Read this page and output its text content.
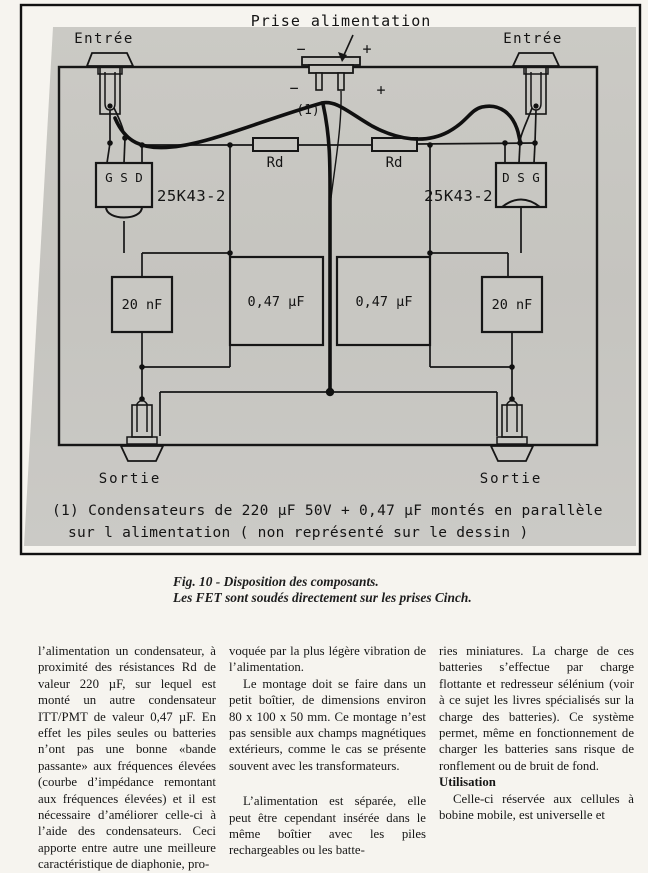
Prise alimentation
Entrée	Entrée
−	+
−	+
(1)
Rd	Rd
G S D	D S G
25K43-2	25K43-2
20 nF	0,47 µF	0,47 µF	20 nF
Sortie	Sortie
(1) Condensateurs de 220 µF 50V + 0,47 µF montés en parallèle
sur l alimentation ( non représenté sur le dessin )
Fig. 10 - Disposition des composants.
Les FET sont soudés directement sur les prises Cinch.

l’alimentation un condensateur, à proximité des résistances Rd de valeur 220 µF, sur lequel est monté un autre condensateur ITT/PMT de valeur 0,47 µF. En effet les piles seules ou batteries n’ont pas une bonne «bande passante» aux fréquences élevées (courbe d’impédance remontant aux fréquences élevées) et il est nécessaire d’améliorer celle-ci à l’aide des condensateurs. Ceci apporte entre autre une meilleure caractéristique de diaphonie, pro-

voquée par la plus légère vibration de l’alimentation.

Le montage doit se faire dans un petit boîtier, de dimensions environ 80 x 100 x 50 mm. Ce montage n’est pas sensible aux champs magnétiques extérieurs, comme le cas se présente souvent avec les transformateurs.

L’alimentation est séparée, elle peut être cependant insérée dans le même boîtier avec les piles rechargeables ou les batte-

ries miniatures. La charge de ces batteries s’effectue par charge flottante et redresseur sélénium (voir à ce sujet les livres spécialisés sur la charge des batteries). Ce système permet, même en fonctionnement de charger les batteries sans risque de ronflement ou de bruit de fond.

Utilisation

Celle-ci réservée aux cellules à bobine mobile, est universelle et
